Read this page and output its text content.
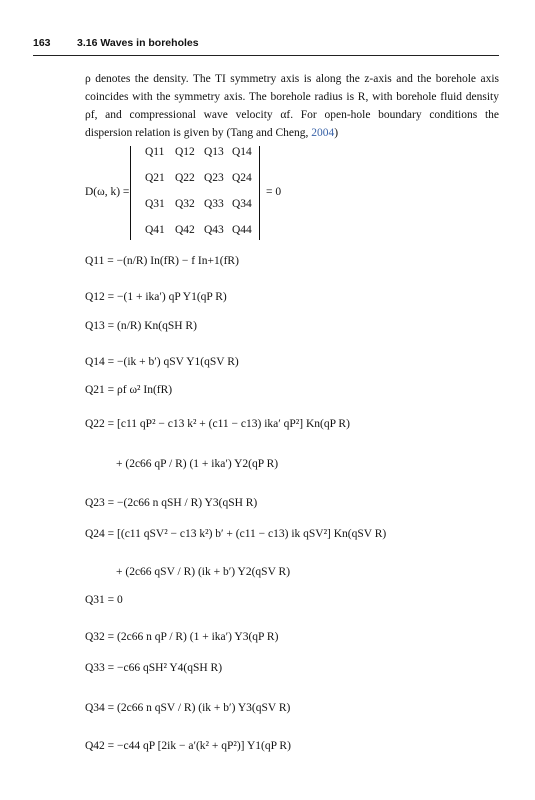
163	3.16 Waves in boreholes

ρ denotes the density. The TI symmetry axis is along the z-axis and the borehole axis coincides with the symmetry axis. The borehole radius is R, with borehole fluid density ρf, and compressional wave velocity αf. For open-hole boundary conditions the dispersion relation is given by (Tang and Cheng, 2004)

D(ω, k) =
Q11 Q12 Q13 Q14
Q21 Q22 Q23 Q24
Q31 Q32 Q33 Q34
Q41 Q42 Q43 Q44
= 0
Q11 = −(n/R) In(fR) − f In+1(fR)
Q12 = −(1 + ika′) qP Y1(qP R)
Q13 = (n/R) Kn(qSH R)
Q14 = −(ik + b′) qSV Y1(qSV R)
Q21 = ρf ω² In(fR)
Q22 = [c11 qP² − c13 k² + (c11 − c13) ika′ qP²] Kn(qP R)
+ (2c66 qP / R) (1 + ika′) Y2(qP R)
Q23 = −(2c66 n qSH / R) Y3(qSH R)
Q24 = [(c11 qSV² − c13 k²) b′ + (c11 − c13) ik qSV²] Kn(qSV R)
+ (2c66 qSV / R) (ik + b′) Y2(qSV R)
Q31 = 0
Q32 = (2c66 n qP / R) (1 + ika′) Y3(qP R)
Q33 = −c66 qSH² Y4(qSH R)
Q34 = (2c66 n qSV / R) (ik + b′) Y3(qSV R)
Q42 = −c44 qP [2ik − a′(k² + qP²)] Y1(qP R)
